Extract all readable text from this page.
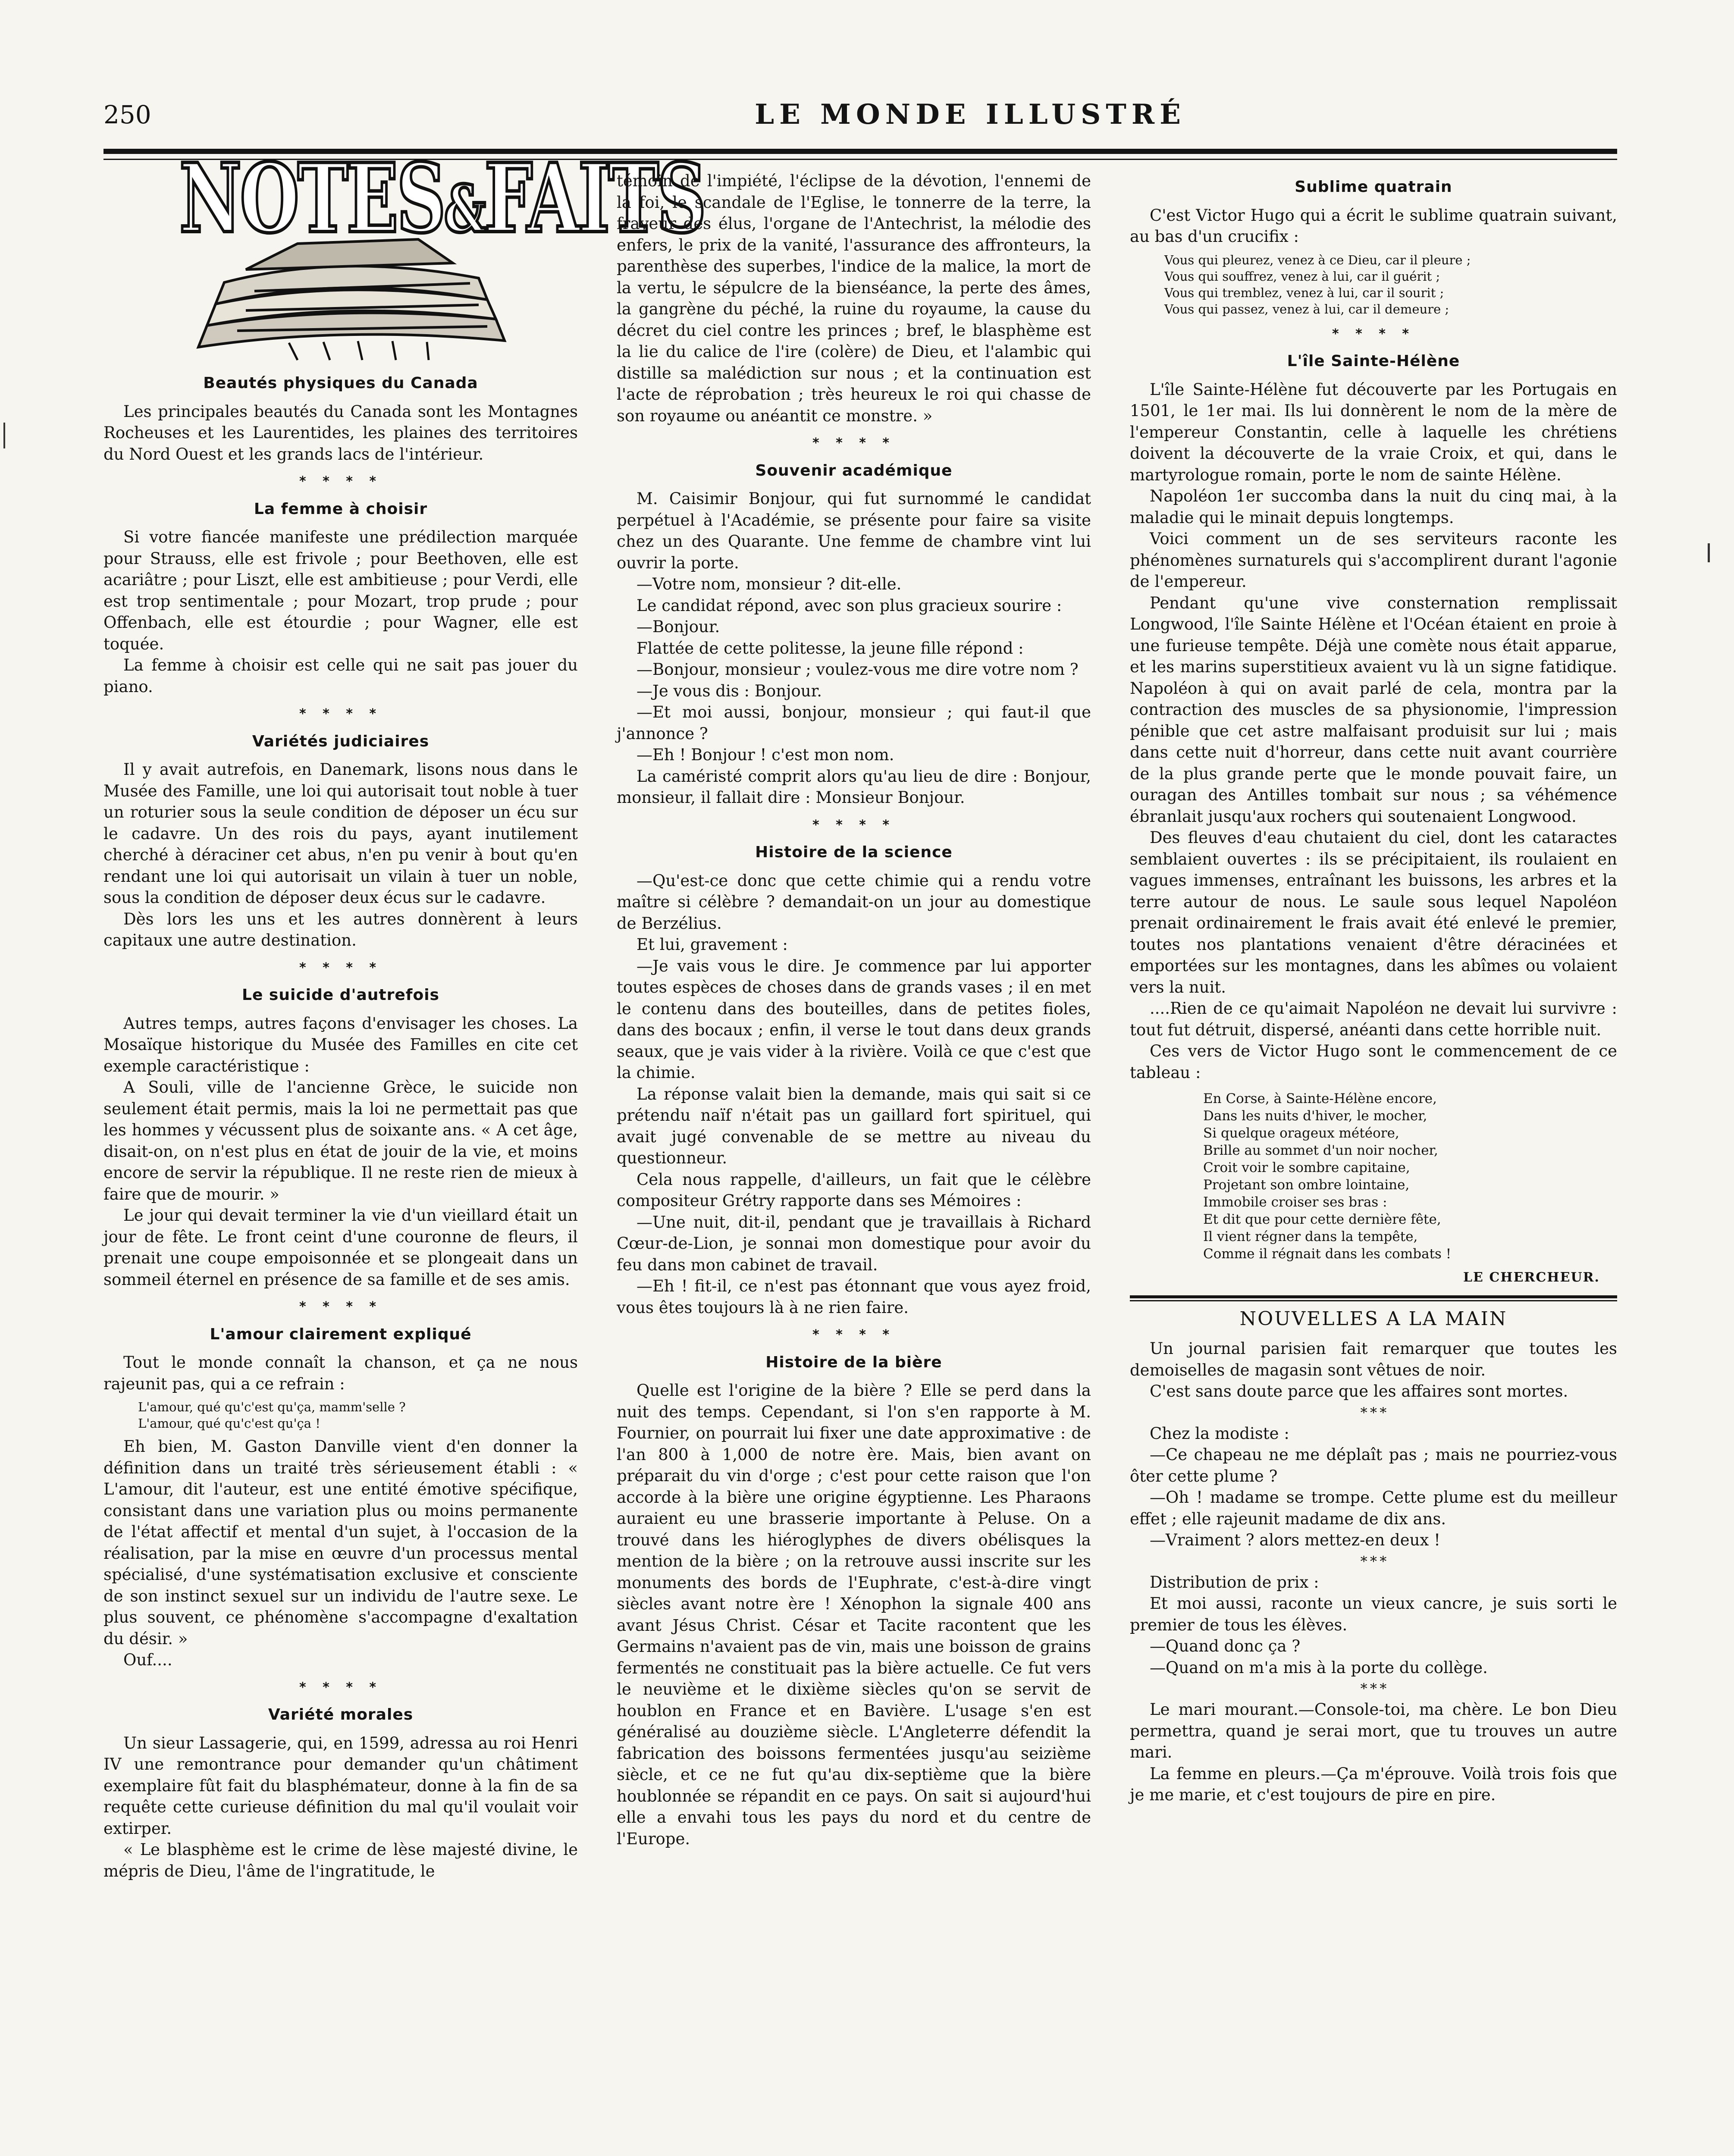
250	LE MONDE ILLUSTRÉ
NOTES&FAITS
Beautés physiques du Canada

Les principales beautés du Canada sont les Montagnes Rocheuses et les Laurentides, les plaines des territoires du Nord Ouest et les grands lacs de l'intérieur.

* * * *
La femme à choisir

Si votre fiancée manifeste une prédilection marquée pour Strauss, elle est frivole ; pour Beethoven, elle est acariâtre ; pour Liszt, elle est ambitieuse ; pour Verdi, elle est trop sentimentale ; pour Mozart, trop prude ; pour Offenbach, elle est étourdie ; pour Wagner, elle est toquée.

La femme à choisir est celle qui ne sait pas jouer du piano.

* * * *
Variétés judiciaires

Il y avait autrefois, en Danemark, lisons nous dans le Musée des Famille, une loi qui autorisait tout noble à tuer un roturier sous la seule condition de déposer un écu sur le cadavre. Un des rois du pays, ayant inutilement cherché à déraciner cet abus, n'en pu venir à bout qu'en rendant une loi qui autorisait un vilain à tuer un noble, sous la condition de déposer deux écus sur le cadavre.

Dès lors les uns et les autres donnèrent à leurs capitaux une autre destination.

* * * *
Le suicide d'autrefois

Autres temps, autres façons d'envisager les choses. La Mosaïque historique du Musée des Familles en cite cet exemple caractéristique :

A Souli, ville de l'ancienne Grèce, le suicide non seulement était permis, mais la loi ne permettait pas que les hommes y vécussent plus de soixante ans. « A cet âge, disait-on, on n'est plus en état de jouir de la vie, et moins encore de servir la république. Il ne reste rien de mieux à faire que de mourir. »

Le jour qui devait terminer la vie d'un vieillard était un jour de fête. Le front ceint d'une couronne de fleurs, il prenait une coupe empoisonnée et se plongeait dans un sommeil éternel en présence de sa famille et de ses amis.

* * * *
L'amour clairement expliqué

Tout le monde connaît la chanson, et ça ne nous rajeunit pas, qui a ce refrain :

L'amour, qué qu'c'est qu'ça, mamm'selle ?
L'amour, qué qu'c'est qu'ça !

Eh bien, M. Gaston Danville vient d'en donner la définition dans un traité très sérieusement établi : « L'amour, dit l'auteur, est une entité émotive spécifique, consistant dans une variation plus ou moins permanente de l'état affectif et mental d'un sujet, à l'occasion de la réalisation, par la mise en œuvre d'un processus mental spécialisé, d'une systématisation exclusive et consciente de son instinct sexuel sur un individu de l'autre sexe. Le plus souvent, ce phénomène s'accompagne d'exaltation du désir. »

Ouf....

* * * *
Variété morales

Un sieur Lassagerie, qui, en 1599, adressa au roi Henri IV une remontrance pour demander qu'un châtiment exemplaire fût fait du blasphémateur, donne à la fin de sa requête cette curieuse définition du mal qu'il voulait voir extirper.

« Le blasphème est le crime de lèse majesté divine, le mépris de Dieu, l'âme de l'ingratitude, le

témoin de l'impiété, l'éclipse de la dévotion, l'ennemi de la foi, le scandale de l'Eglise, le tonnerre de la terre, la frayeur des élus, l'organe de l'Antechrist, la mélodie des enfers, le prix de la vanité, l'assurance des affronteurs, la parenthèse des superbes, l'indice de la malice, la mort de la vertu, le sépulcre de la bienséance, la perte des âmes, la gangrène du péché, la ruine du royaume, la cause du décret du ciel contre les princes ; bref, le blasphème est la lie du calice de l'ire (colère) de Dieu, et l'alambic qui distille sa malédiction sur nous ; et la continuation est l'acte de réprobation ; très heureux le roi qui chasse de son royaume ou anéantit ce monstre. »

* * * *
Souvenir académique

M. Caisimir Bonjour, qui fut surnommé le candidat perpétuel à l'Académie, se présente pour faire sa visite chez un des Quarante. Une femme de chambre vint lui ouvrir la porte.

—Votre nom, monsieur ? dit-elle.

Le candidat répond, avec son plus gracieux sourire :

—Bonjour.

Flattée de cette politesse, la jeune fille répond :

—Bonjour, monsieur ; voulez-vous me dire votre nom ?

—Je vous dis : Bonjour.

—Et moi aussi, bonjour, monsieur ; qui faut-il que j'annonce ?

—Eh ! Bonjour ! c'est mon nom.

La caméristé comprit alors qu'au lieu de dire : Bonjour, monsieur, il fallait dire : Monsieur Bonjour.

* * * *
Histoire de la science

—Qu'est-ce donc que cette chimie qui a rendu votre maître si célèbre ? demandait-on un jour au domestique de Berzélius.

Et lui, gravement :

—Je vais vous le dire. Je commence par lui apporter toutes espèces de choses dans de grands vases ; il en met le contenu dans des bouteilles, dans de petites fioles, dans des bocaux ; enfin, il verse le tout dans deux grands seaux, que je vais vider à la rivière. Voilà ce que c'est que la chimie.

La réponse valait bien la demande, mais qui sait si ce prétendu naïf n'était pas un gaillard fort spirituel, qui avait jugé convenable de se mettre au niveau du questionneur.

Cela nous rappelle, d'ailleurs, un fait que le célèbre compositeur Grétry rapporte dans ses Mémoires :

—Une nuit, dit-il, pendant que je travaillais à Richard Cœur-de-Lion, je sonnai mon domestique pour avoir du feu dans mon cabinet de travail.

—Eh ! fit-il, ce n'est pas étonnant que vous ayez froid, vous êtes toujours là à ne rien faire.

* * * *
Histoire de la bière

Quelle est l'origine de la bière ? Elle se perd dans la nuit des temps. Cependant, si l'on s'en rapporte à M. Fournier, on pourrait lui fixer une date approximative : de l'an 800 à 1,000 de notre ère. Mais, bien avant on préparait du vin d'orge ; c'est pour cette raison que l'on accorde à la bière une origine égyptienne. Les Pharaons auraient eu une brasserie importante à Peluse. On a trouvé dans les hiéroglyphes de divers obélisques la mention de la bière ; on la retrouve aussi inscrite sur les monuments des bords de l'Euphrate, c'est-à-dire vingt siècles avant notre ère ! Xénophon la signale 400 ans avant Jésus Christ. César et Tacite racontent que les Germains n'avaient pas de vin, mais une boisson de grains fermentés ne constituait pas la bière actuelle. Ce fut vers le neuvième et le dixième siècles qu'on se servit de houblon en France et en Bavière. L'usage s'en est généralisé au douzième siècle. L'Angleterre défendit la fabrication des boissons fermentées jusqu'au seizième siècle, et ce ne fut qu'au dix-septième que la bière houblonnée se répandit en ce pays. On sait si aujourd'hui elle a envahi tous les pays du nord et du centre de l'Europe.

Sublime quatrain

C'est Victor Hugo qui a écrit le sublime quatrain suivant, au bas d'un crucifix :

Vous qui pleurez, venez à ce Dieu, car il pleure ;
Vous qui souffrez, venez à lui, car il guérit ;
Vous qui tremblez, venez à lui, car il sourit ;
Vous qui passez, venez à lui, car il demeure ;
* * * *
L'île Sainte-Hélène

L'île Sainte-Hélène fut découverte par les Portugais en 1501, le 1er mai. Ils lui donnèrent le nom de la mère de l'empereur Constantin, celle à laquelle les chrétiens doivent la découverte de la vraie Croix, et qui, dans le martyrologue romain, porte le nom de sainte Hélène.

Napoléon 1er succomba dans la nuit du cinq mai, à la maladie qui le minait depuis longtemps.

Voici comment un de ses serviteurs raconte les phénomènes surnaturels qui s'accomplirent durant l'agonie de l'empereur.

Pendant qu'une vive consternation remplissait Longwood, l'île Sainte Hélène et l'Océan étaient en proie à une furieuse tempête. Déjà une comète nous était apparue, et les marins superstitieux avaient vu là un signe fatidique. Napoléon à qui on avait parlé de cela, montra par la contraction des muscles de sa physionomie, l'impression pénible que cet astre malfaisant produisit sur lui ; mais dans cette nuit d'horreur, dans cette nuit avant courrière de la plus grande perte que le monde pouvait faire, un ouragan des Antilles tombait sur nous ; sa véhémence ébranlait jusqu'aux rochers qui soutenaient Longwood.

Des fleuves d'eau chutaient du ciel, dont les cataractes semblaient ouvertes : ils se précipitaient, ils roulaient en vagues immenses, entraînant les buissons, les arbres et la terre autour de nous. Le saule sous lequel Napoléon prenait ordinairement le frais avait été enlevé le premier, toutes nos plantations venaient d'être déracinées et emportées sur les montagnes, dans les abîmes ou volaient vers la nuit.

....Rien de ce qu'aimait Napoléon ne devait lui survivre : tout fut détruit, dispersé, anéanti dans cette horrible nuit.

Ces vers de Victor Hugo sont le commencement de ce tableau :

En Corse, à Sainte-Hélène encore,
Dans les nuits d'hiver, le mocher,
Si quelque orageux météore,
Brille au sommet d'un noir nocher,
Croit voir le sombre capitaine,
Projetant son ombre lointaine,
Immobile croiser ses bras :
Et dit que pour cette dernière fête,
Il vient régner dans la tempête,
Comme il régnait dans les combats !
LE CHERCHEUR.
NOUVELLES A LA MAIN

Un journal parisien fait remarquer que toutes les demoiselles de magasin sont vêtues de noir.

C'est sans doute parce que les affaires sont mortes.

* * *

Chez la modiste :

—Ce chapeau ne me déplaît pas ; mais ne pourriez-vous ôter cette plume ?

—Oh ! madame se trompe. Cette plume est du meilleur effet ; elle rajeunit madame de dix ans.

—Vraiment ? alors mettez-en deux !

* * *

Distribution de prix :

Et moi aussi, raconte un vieux cancre, je suis sorti le premier de tous les élèves.

—Quand donc ça ?

—Quand on m'a mis à la porte du collège.

* * *

Le mari mourant.—Console-toi, ma chère. Le bon Dieu permettra, quand je serai mort, que tu trouves un autre mari.

La femme en pleurs.—Ça m'éprouve. Voilà trois fois que je me marie, et c'est toujours de pire en pire.
